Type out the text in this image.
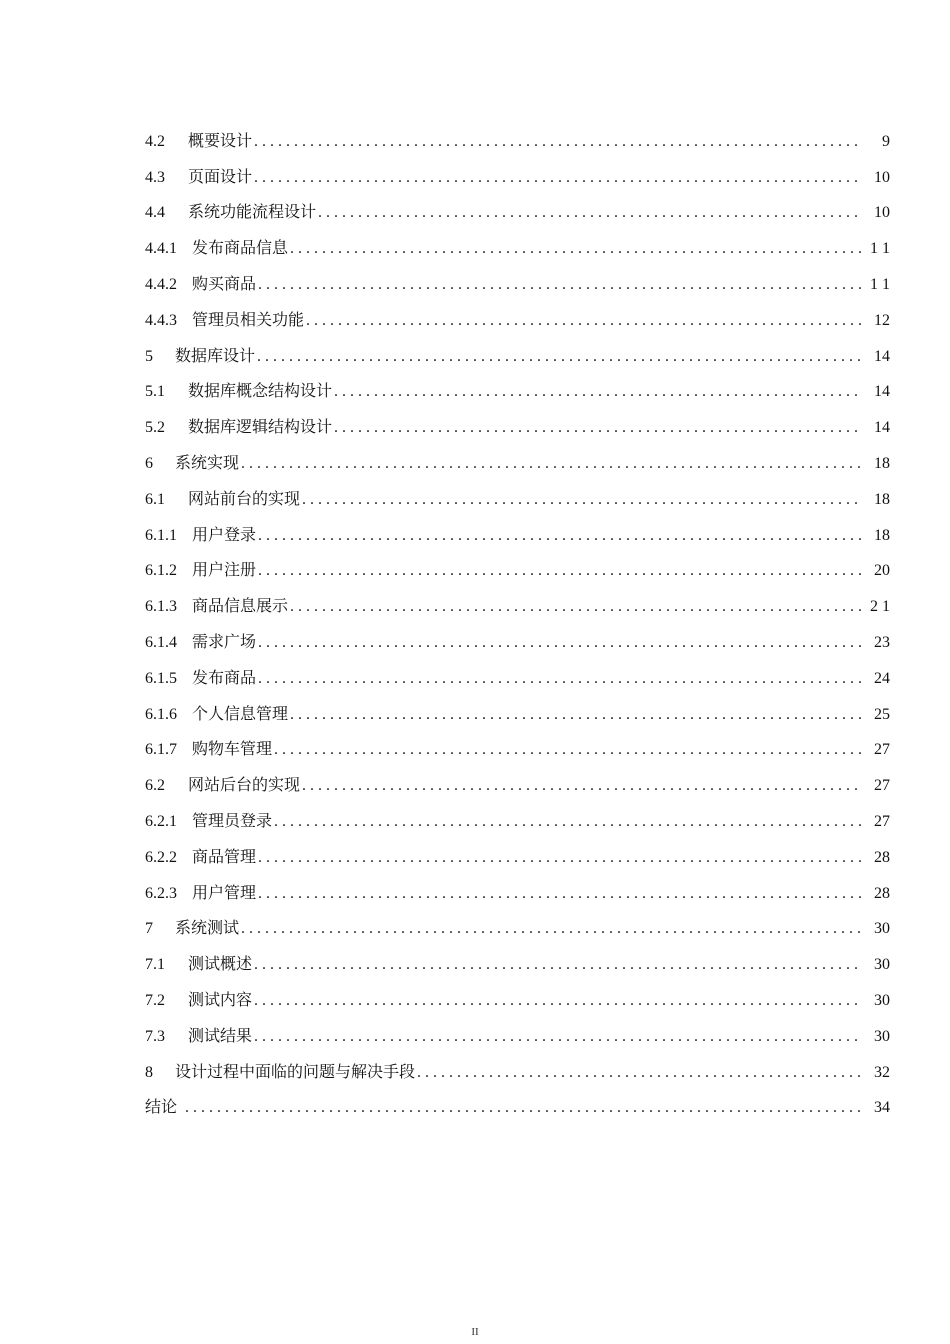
4.2	概要设计 . . .	9
4.3	页面设计 . . .	10
4.4	系统功能流程设计 . . .	10
4.4.1 发布商品信息 . . .	1 1
4.4.2 购买商品 . . .	1 1
4.4.3 管理员相关功能 . . .	12
5	数据库设计 . . .	14
5.1	数据库概念结构设计 . . .	14
5.2	数据库逻辑结构设计 . . .	14
6	系统实现 . . .	18
6.1	网站前台的实现 . . .	18
6.1.1 用户登录 . . .	18
6.1.2 用户注册 . . .	20
6.1.3 商品信息展示 . . .	2 1
6.1.4 需求广场 . . .	23
6.1.5 发布商品 . . .	24
6.1.6 个人信息管理 . . .	25
6.1.7 购物车管理 . . .	27
6.2	网站后台的实现 . . .	27
6.2.1 管理员登录 . . .	27
6.2.2 商品管理 . . .	28
6.2.3 用户管理 . . .	28
7	系统测试 . . .	30
7.1	测试概述 . . .	30
7.2	测试内容 . . .	30
7.3	测试结果 . . .	30
8	设计过程中面临的问题与解决手段 . . .	32
结论 . . .	34
II
